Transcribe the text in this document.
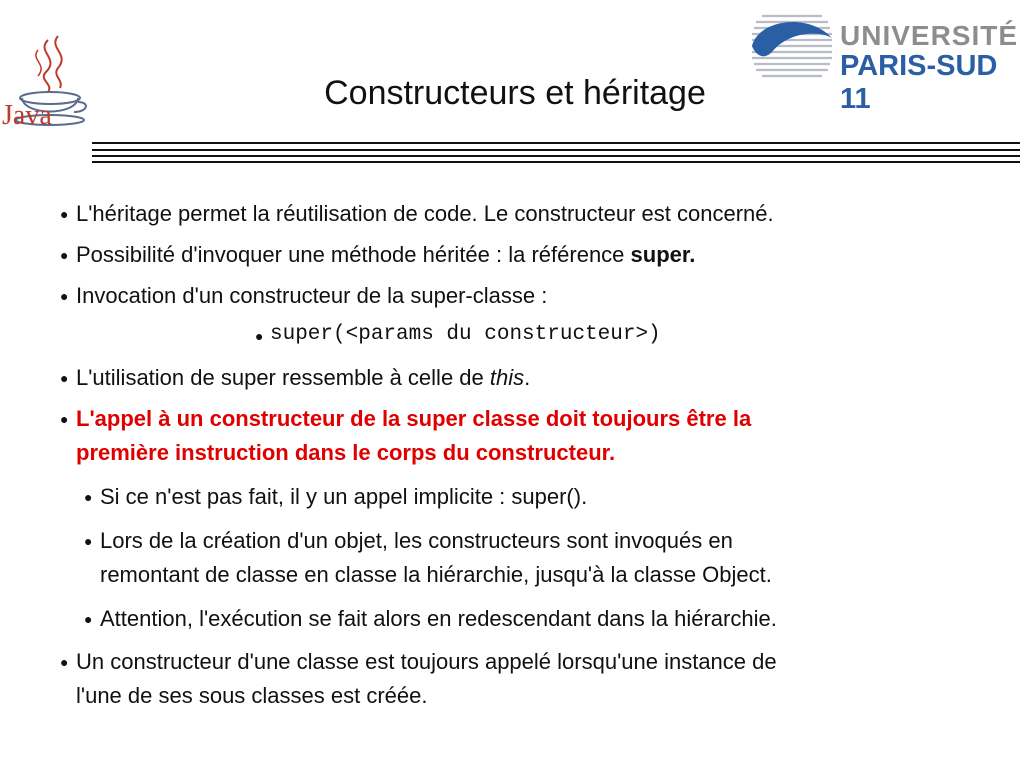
Java
Constructeurs et héritage
UNIVERSITÉ
PARIS-SUD 11
● L'héritage permet la réutilisation de code. Le constructeur est concerné.
● Possibilité d'invoquer une méthode héritée : la référence super.
● Invocation d'un constructeur de la super-classe :
● super(<params du constructeur>)
● L'utilisation de super ressemble à celle de this.
● L'appel à un constructeur de la super classe doit toujours être la
première instruction dans le corps du constructeur.
● Si ce n'est pas fait, il y un appel implicite : super().
● Lors de la création d'un objet, les constructeurs sont invoqués en
remontant de classe en classe la hiérarchie, jusqu'à la classe Object.
● Attention, l'exécution se fait alors en redescendant dans la hiérarchie.
● Un constructeur d'une classe est toujours appelé lorsqu'une instance de
l'une de ses sous classes est créée.
